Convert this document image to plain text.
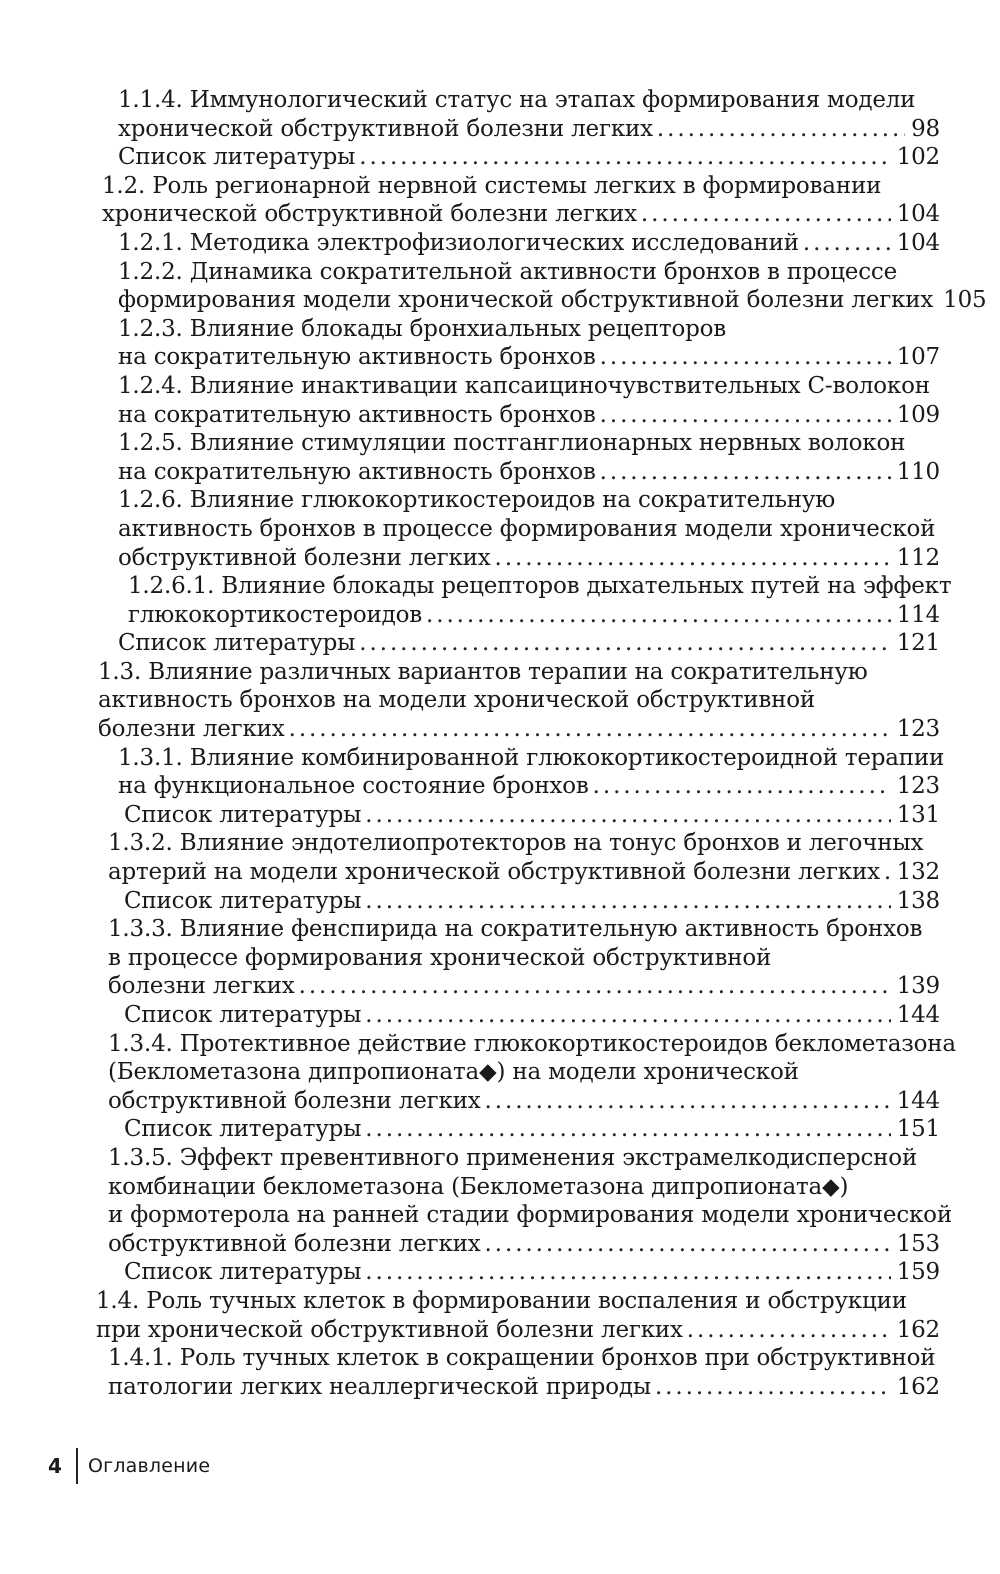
1.1.4. Иммунологический статус на этапах формирования модели
хронической обструктивной болезни легких . . .	98
Список литературы . . .	102
1.2. Роль регионарной нервной системы легких в формировании
хронической обструктивной болезни легких . . .	104
1.2.1. Методика электрофизиологических исследований . . .	104
1.2.2. Динамика сократительной активности бронхов в процессе
формирования модели хронической обструктивной болезни легких 105
1.2.3. Влияние блокады бронхиальных рецепторов
на сократительную активность бронхов . . .	107
1.2.4. Влияние инактивации капсаициночувствительных С-волокон
на сократительную активность бронхов . . .	109
1.2.5. Влияние стимуляции постганглионарных нервных волокон
на сократительную активность бронхов . . .	110
1.2.6. Влияние глюкокортикостероидов на сократительную
активность бронхов в процессе формирования модели хронической
обструктивной болезни легких . . .	112
1.2.6.1. Влияние блокады рецепторов дыхательных путей на эффект
глюкокортикостероидов . . .	114
Список литературы . . .	121
1.3. Влияние различных вариантов терапии на сократительную
активность бронхов на модели хронической обструктивной
болезни легких . . .	123
1.3.1. Влияние комбинированной глюкокортикостероидной терапии
на функциональное состояние бронхов . . .	123
Список литературы . . .	131
1.3.2. Влияние эндотелиопротекторов на тонус бронхов и легочных
артерий на модели хронической обструктивной болезни легких . . . 132
Список литературы . . .	138
1.3.3. Влияние фенспирида на сократительную активность бронхов
в процессе формирования хронической обструктивной
болезни легких . . .	139
Список литературы . . .	144
1.3.4. Протективное действие глюкокортикостероидов беклометазона
(Беклометазона дипропионата◆) на модели хронической
обструктивной болезни легких . . .	144
Список литературы . . .	151
1.3.5. Эффект превентивного применения экстрамелкодисперсной
комбинации беклометазона (Беклометазона дипропионата◆)
и формотерола на ранней стадии формирования модели хронической
обструктивной болезни легких . . .	153
Список литературы . . .	159
1.4. Роль тучных клеток в формировании воспаления и обструкции
при хронической обструктивной болезни легких . . .	162
1.4.1. Роль тучных клеток в сокращении бронхов при обструктивной
патологии легких неаллергической природы . . .	162
4	Оглавление
